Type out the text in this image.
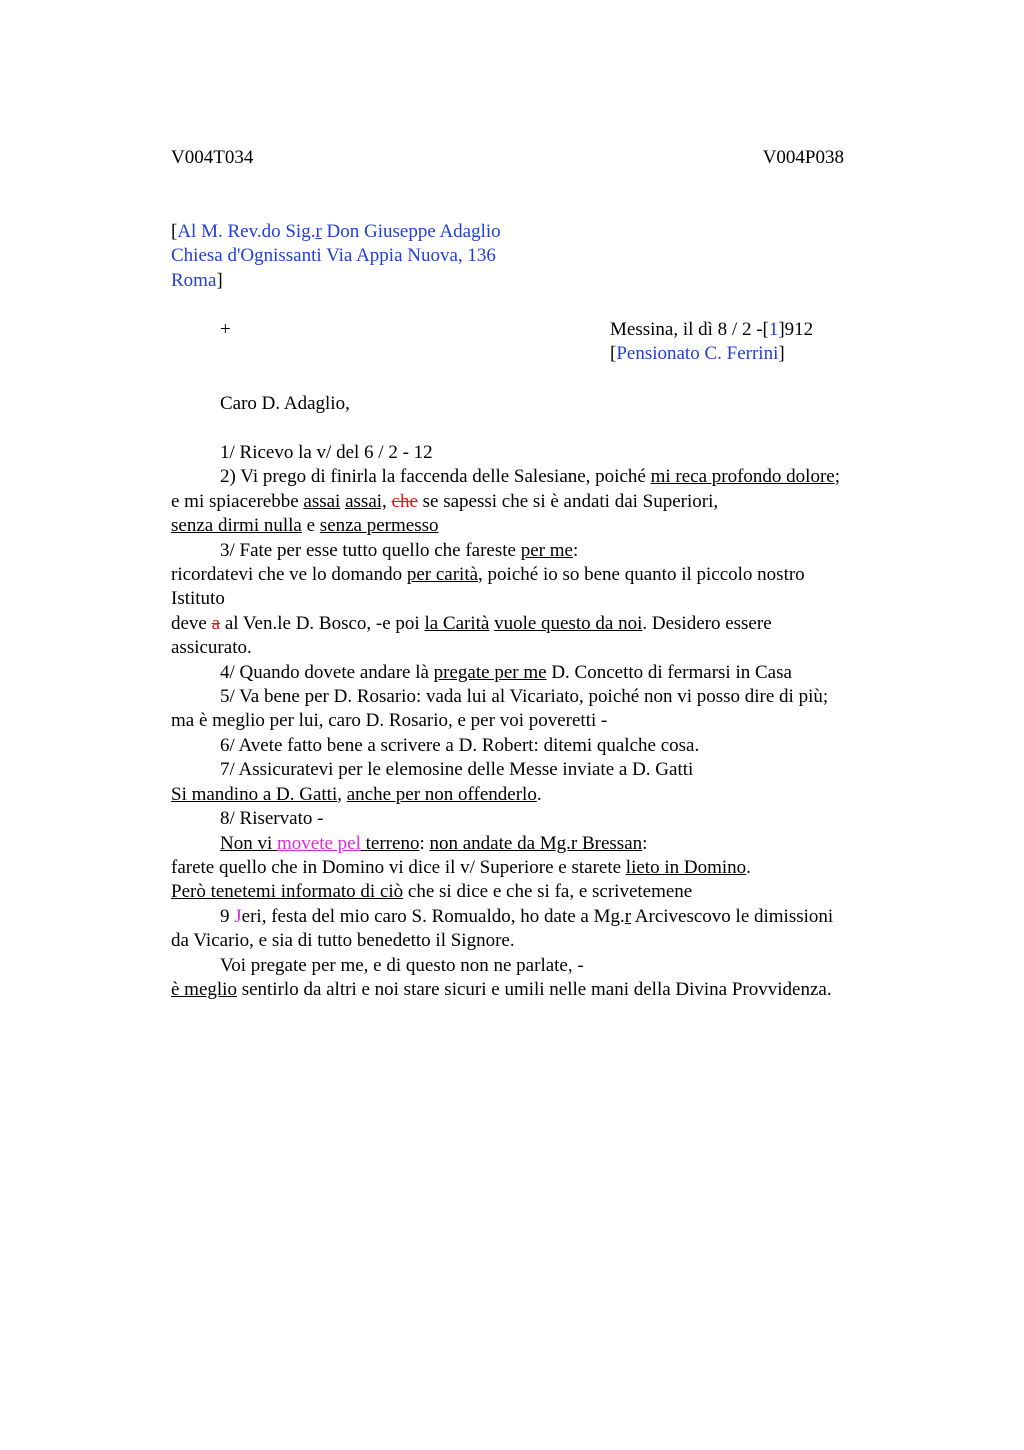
V004T034	V004P038
[Al M. Rev.do Sig.r Don Giuseppe Adaglio
Chiesa d'Ognissanti Via Appia Nuova, 136
Roma]
+	Messina, il dì 8 / 2 -[1]912
[Pensionato C. Ferrini]
Caro D. Adaglio,
1/ Ricevo la v/ del 6 / 2 - 12
2) Vi prego di finirla la faccenda delle Salesiane, poiché mi reca profondo dolore;
e mi spiacerebbe assai assai, che se sapessi che si è andati dai Superiori,
senza dirmi nulla e senza permesso
3/ Fate per esse tutto quello che fareste per me:
ricordatevi che ve lo domando per carità, poiché io so bene quanto il piccolo nostro
Istituto
deve a al Ven.le D. Bosco, -e poi la Carità vuole questo da noi. Desidero essere
assicurato.
4/ Quando dovete andare là pregate per me D. Concetto di fermarsi in Casa
5/ Va bene per D. Rosario: vada lui al Vicariato, poiché non vi posso dire di più;
ma è meglio per lui, caro D. Rosario, e per voi poveretti -
6/ Avete fatto bene a scrivere a D. Robert: ditemi qualche cosa.
7/ Assicuratevi per le elemosine delle Messe inviate a D. Gatti
Si mandino a D. Gatti, anche per non offenderlo.
8/ Riservato -
Non vi movete pel terreno: non andate da Mg.r Bressan:
farete quello che in Domino vi dice il v/ Superiore e starete lieto in Domino.
Però tenetemi informato di ciò che si dice e che si fa, e scrivetemene
9 Jeri, festa del mio caro S. Romualdo, ho date a Mg.r Arcivescovo le dimissioni
da Vicario, e sia di tutto benedetto il Signore.
Voi pregate per me, e di questo non ne parlate, -
è meglio sentirlo da altri e noi stare sicuri e umili nelle mani della Divina Provvidenza.
